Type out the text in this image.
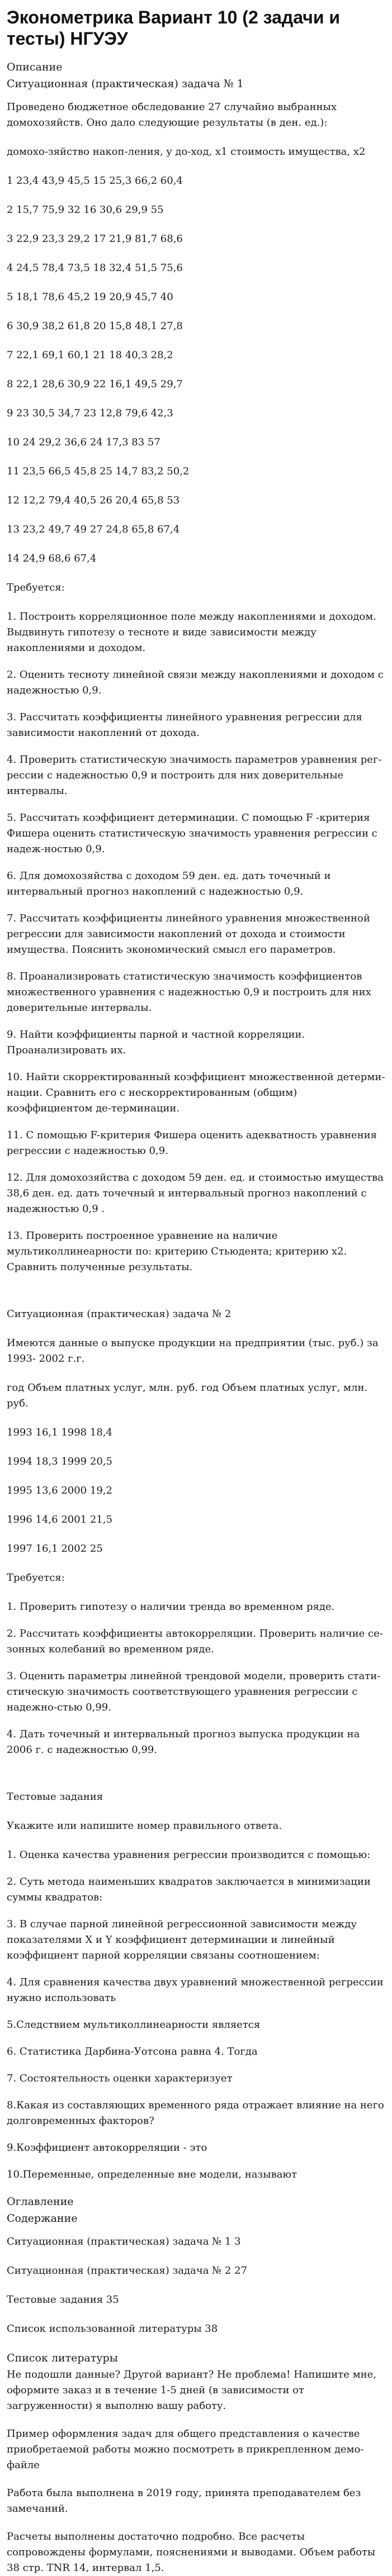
Эконометрика Вариант 10 (2 задачи и тесты) НГУЭУ
Описание
Ситуационная (практическая) задача № 1
Проведено бюджетное обследование 27 случайно выбранных домохозяйств. Оно дало следующие результаты (в ден. ед.):
домохо-зяйство накоп-ления, y до-ход, x1 стоимость имущества, x2
1 23,4 43,9 45,5 15 25,3 66,2 60,4
2 15,7 75,9 32 16 30,6 29,9 55
3 22,9 23,3 29,2 17 21,9 81,7 68,6
4 24,5 78,4 73,5 18 32,4 51,5 75,6
5 18,1 78,6 45,2 19 20,9 45,7 40
6 30,9 38,2 61,8 20 15,8 48,1 27,8
7 22,1 69,1 60,1 21 18 40,3 28,2
8 22,1 28,6 30,9 22 16,1 49,5 29,7
9 23 30,5 34,7 23 12,8 79,6 42,3
10 24 29,2 36,6 24 17,3 83 57
11 23,5 66,5 45,8 25 14,7 83,2 50,2
12 12,2 79,4 40,5 26 20,4 65,8 53
13 23,2 49,7 49 27 24,8 65,8 67,4
14 24,9 68,6 67,4
Требуется:
1. Построить корреляционное поле между накоплениями и доходом. Выдвинуть гипотезу о тесноте и виде зависимости между накоплениями и доходом.
2. Оценить тесноту линейной связи между накоплениями и доходом с надежностью 0,9.
3. Рассчитать коэффициенты линейного уравнения регрессии для зависимости накоплений от дохода.
4. Проверить статистическую значимость параметров уравнения рег-рессии с надежностью 0,9 и построить для них доверительные интервалы.
5. Рассчитать коэффициент детерминации. С помощью F -критерия Фишера оценить статистическую значимость уравнения регрессии с надеж-ностью 0,9.
6. Для домохозяйства с доходом 59 ден. ед. дать точечный и интервальный прогноз накоплений с надежностью 0,9.
7. Рассчитать коэффициенты линейного уравнения множественной регрессии для зависимости накоплений от дохода и стоимости имущества. Пояснить экономический смысл его параметров.
8. Проанализировать статистическую значимость коэффициентов множественного уравнения с надежностью 0,9 и построить для них доверительные интервалы.
9. Найти коэффициенты парной и частной корреляции. Проанализировать их.
10. Найти скорректированный коэффициент множественной детерми-нации. Сравнить его с нескорректированным (общим) коэффициентом де-терминации.
11. С помощью F-критерия Фишера оценить адекватность уравнения регрессии с надежностью 0,9.
12. Для домохозяйства с доходом 59 ден. ед. и стоимостью имущества 38,6 ден. ед. дать точечный и интервальный прогноз накоплений с надежностью 0,9 .
13. Проверить построенное уравнение на наличие мультиколлинеарности по: критерию Стьюдента; критерию x2. Сравнить полученные результаты.
Ситуационная (практическая) задача № 2
Имеются данные о выпуске продукции на предприятии (тыс. руб.) за 1993- 2002 г.г.
год Объем платных услуг, млн. руб. год Объем платных услуг, млн. руб.
1993 16,1 1998 18,4
1994 18,3 1999 20,5
1995 13,6 2000 19,2
1996 14,6 2001 21,5
1997 16,1 2002 25
Требуется:
1. Проверить гипотезу о наличии тренда во временном ряде.
2. Рассчитать коэффициенты автокорреляции. Проверить наличие се-зонных колебаний во временном ряде.
3. Оценить параметры линейной трендовой модели, проверить стати-стическую значимость соответствующего уравнения регрессии с надежно-стью 0,99.
4. Дать точечный и интервальный прогноз выпуска продукции на 2006 г. с надежностью 0,99.
Тестовые задания
Укажите или напишите номер правильного ответа.
1. Оценка качества уравнения регрессии производится с помощью:
2. Суть метода наименьших квадратов заключается в минимизации суммы квадратов:
3. В случае парной линейной регрессионной зависимости между показателями X и Y коэффициент детерминации и линейный коэффициент парной корреляции связаны соотношением:
4. Для сравнения качества двух уравнений множественной регрессии нужно использовать
5.Следствием мультиколлинеарности является
6. Статистика Дарбина-Уотсона равна 4. Тогда
7. Состоятельность оценки характеризует
8.Какая из составляющих временного ряда отражает влияние на него долговременных факторов?
9.Коэффициент автокорреляции - это
10.Переменные, определенные вне модели, называют
Оглавление
Содержание
Ситуационная (практическая) задача № 1 3
Ситуационная (практическая) задача № 2 27
Тестовые задания 35
Список использованной литературы 38
Список литературы
Не подошли данные? Другой вариант? Не проблема! Напишите мне, оформите заказ и в течение 1-5 дней (в зависимости от загруженности) я выполню вашу работу.
Пример оформления задач для общего представления о качестве приобретаемой работы можно посмотреть в прикрепленном демо-файле
Работа была выполнена в 2019 году, принята преподавателем без замечаний.
Расчеты выполнены достаточно подробно. Все расчеты сопровождены формулами, пояснениями и выводами. Объем работы 38 стр. TNR 14, интервал 1,5.
